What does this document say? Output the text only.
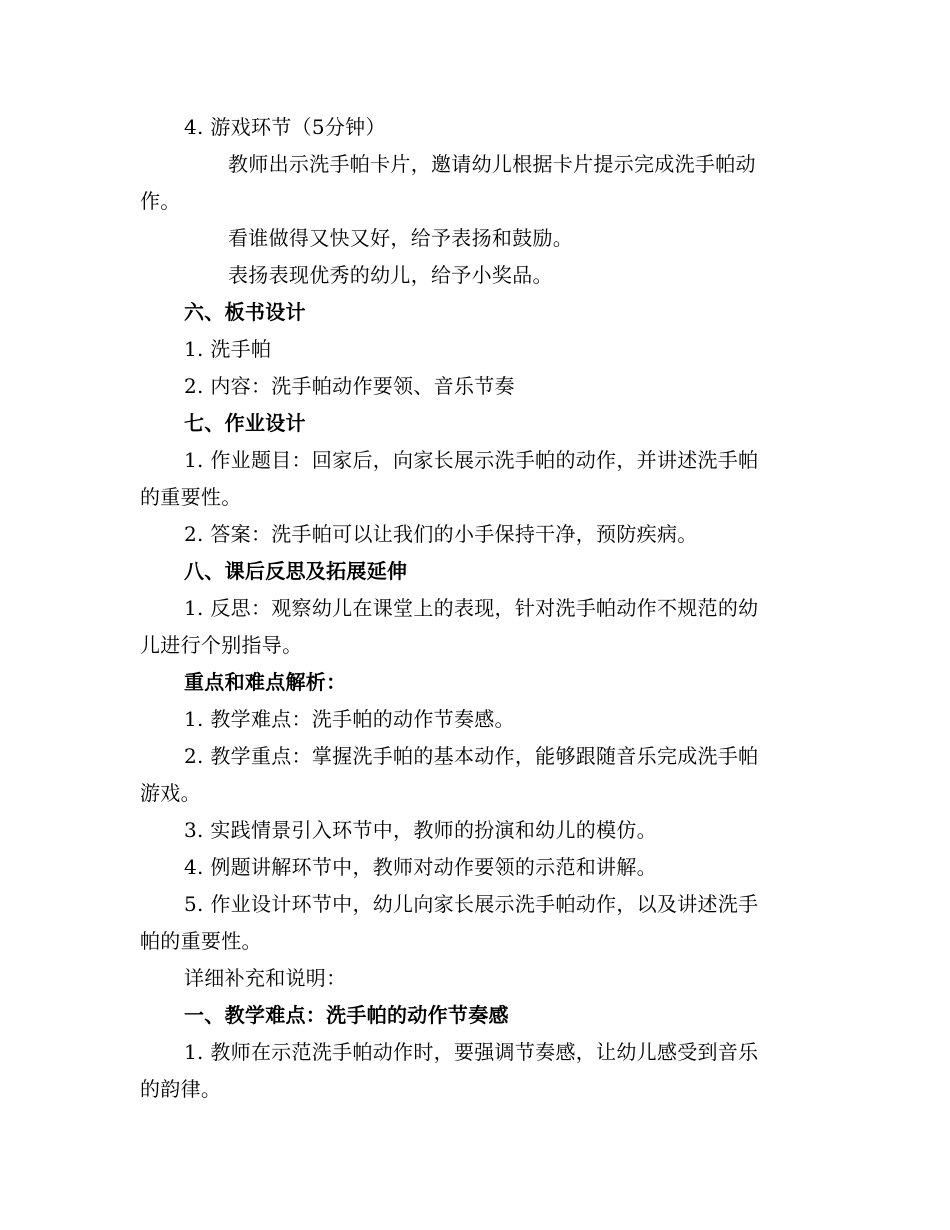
4. 游戏环节（5分钟）
教师出示洗手帕卡片，邀请幼儿根据卡片提示完成洗手帕动
作。
看谁做得又快又好，给予表扬和鼓励。
表扬表现优秀的幼儿，给予小奖品。
六、板书设计
1. 洗手帕
2. 内容：洗手帕动作要领、音乐节奏
七、作业设计
1. 作业题目：回家后，向家长展示洗手帕的动作，并讲述洗手帕
的重要性。
2. 答案：洗手帕可以让我们的小手保持干净，预防疾病。
八、课后反思及拓展延伸
1. 反思：观察幼儿在课堂上的表现，针对洗手帕动作不规范的幼
儿进行个别指导。
重点和难点解析：
1. 教学难点：洗手帕的动作节奏感。
2. 教学重点：掌握洗手帕的基本动作，能够跟随音乐完成洗手帕
游戏。
3. 实践情景引入环节中，教师的扮演和幼儿的模仿。
4. 例题讲解环节中，教师对动作要领的示范和讲解。
5. 作业设计环节中，幼儿向家长展示洗手帕动作，以及讲述洗手
帕的重要性。
详细补充和说明：
一、教学难点：洗手帕的动作节奏感
1. 教师在示范洗手帕动作时，要强调节奏感，让幼儿感受到音乐
的韵律。
